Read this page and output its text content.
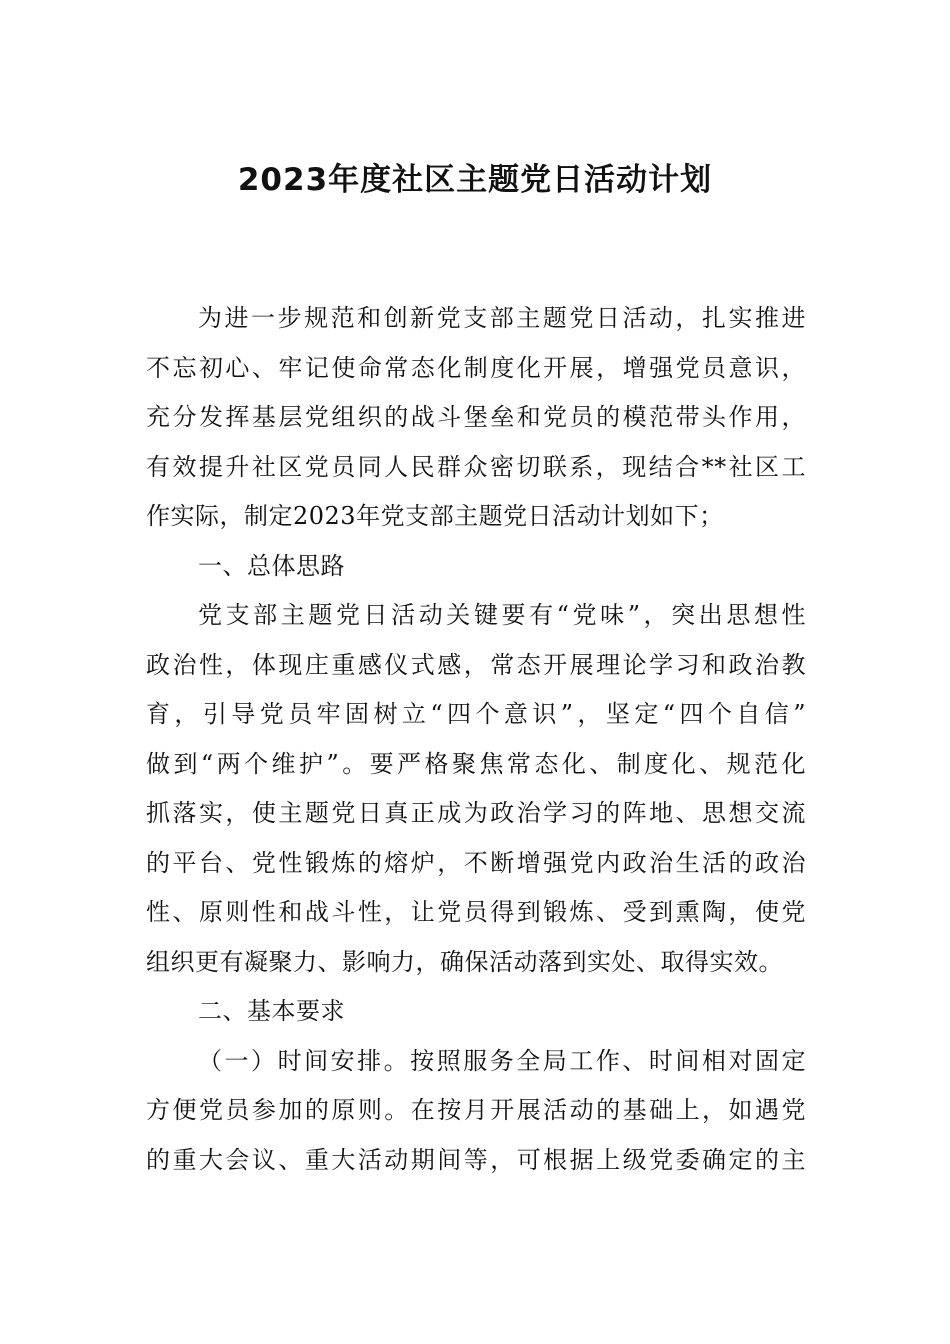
2023年度社区主题党日活动计划
为进一步规范和创新党支部主题党日活动，扎实推进
不忘初心、牢记使命常态化制度化开展，增强党员意识，
充分发挥基层党组织的战斗堡垒和党员的模范带头作用，
有效提升社区党员同人民群众密切联系，现结合**社区工
作实际，制定2023年党支部主题党日活动计划如下；
一、总体思路
党支部主题党日活动关键要有“党味”，突出思想性
政治性，体现庄重感仪式感，常态开展理论学习和政治教
育，引导党员牢固树立“四个意识”，坚定“四个自信”
做到“两个维护”。要严格聚焦常态化、制度化、规范化
抓落实，使主题党日真正成为政治学习的阵地、思想交流
的平台、党性锻炼的熔炉，不断增强党内政治生活的政治
性、原则性和战斗性，让党员得到锻炼、受到熏陶，使党
组织更有凝聚力、影响力，确保活动落到实处、取得实效。
二、基本要求
（一）时间安排。按照服务全局工作、时间相对固定
方便党员参加的原则。在按月开展活动的基础上，如遇党
的重大会议、重大活动期间等，可根据上级党委确定的主
